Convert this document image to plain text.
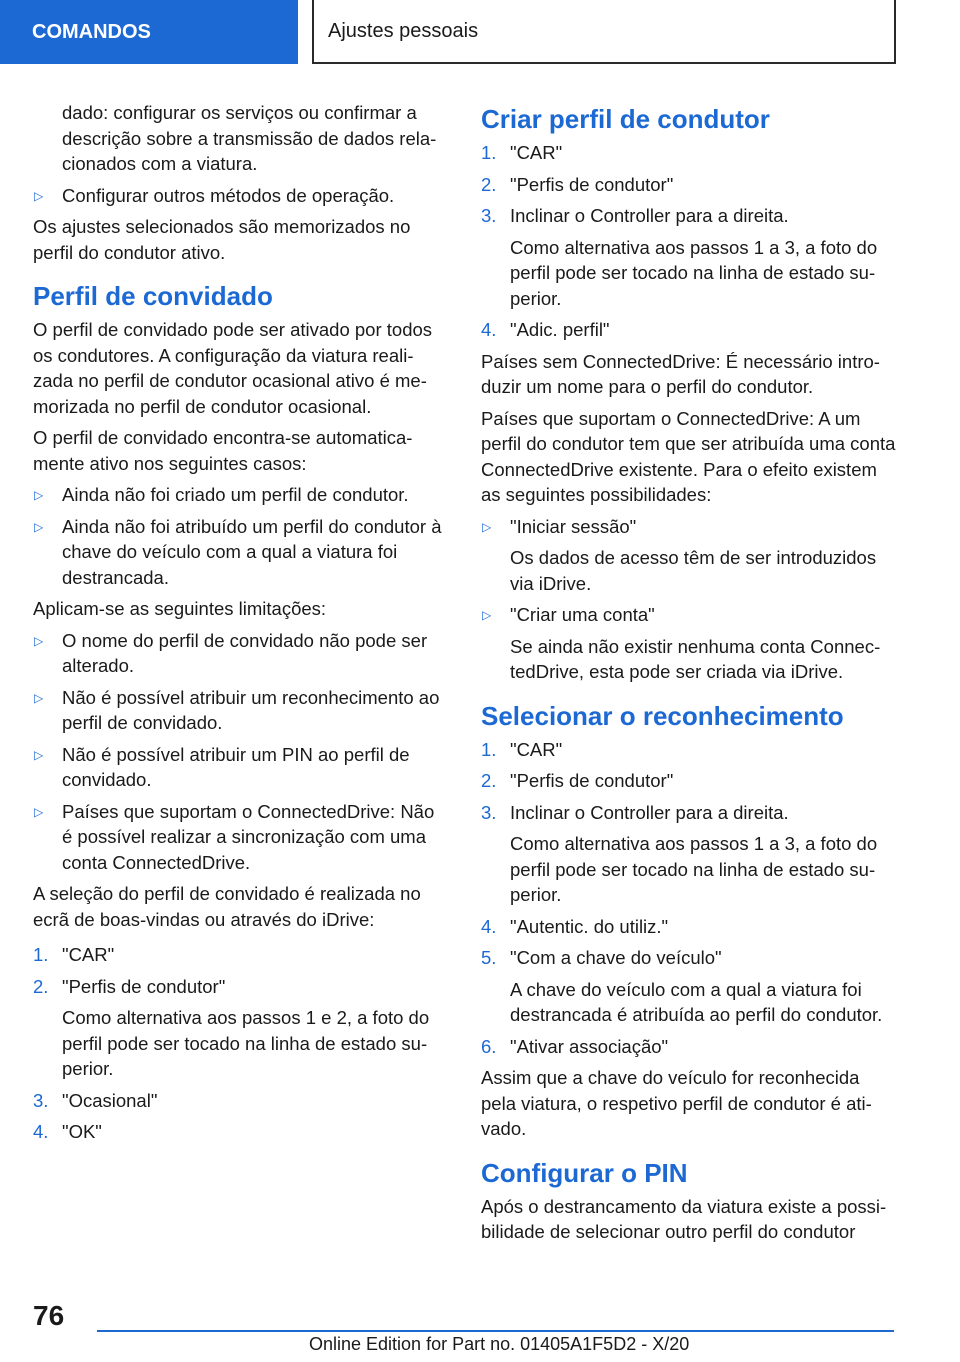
COMANDOS	Ajustes pessoais
dado: configurar os serviços ou confirmar a descrição sobre a transmissão de dados rela‐cionados com a viatura.
▷ Configurar outros métodos de operação.

Os ajustes selecionados são memorizados no perfil do condutor ativo.

Perfil de convidado

O perfil de convidado pode ser ativado por todos os condutores. A configuração da viatura reali‐zada no perfil de condutor ocasional ativo é me‐morizada no perfil de condutor ocasional.

O perfil de convidado encontra-se automatica‐mente ativo nos seguintes casos:

▷ Ainda não foi criado um perfil de condutor.
▷ Ainda não foi atribuído um perfil do condutor à chave do veículo com a qual a viatura foi destrancada.

Aplicam-se as seguintes limitações:

▷ O nome do perfil de convidado não pode ser alterado.
▷ Não é possível atribuir um reconhecimento ao perfil de convidado.
▷ Não é possível atribuir um PIN ao perfil de convidado.
▷ Países que suportam o ConnectedDrive: Não é possível realizar a sincronização com uma conta ConnectedDrive.

A seleção do perfil de convidado é realizada no ecrã de boas-vindas ou através do iDrive:

1. "CAR"
2. "Perfis de condutor"
Como alternativa aos passos 1 e 2, a foto do perfil pode ser tocado na linha de estado su‐perior.
3. "Ocasional"
4. "OK"
Criar perfil de condutor
1. "CAR"
2. "Perfis de condutor"
3. Inclinar o Controller para a direita.
Como alternativa aos passos 1 a 3, a foto do perfil pode ser tocado na linha de estado su‐perior.
4. "Adic. perfil"

Países sem ConnectedDrive: É necessário intro‐duzir um nome para o perfil do condutor.

Países que suportam o ConnectedDrive: A um perfil do condutor tem que ser atribuída uma conta ConnectedDrive existente. Para o efeito existem as seguintes possibilidades:

▷ "Iniciar sessão"
Os dados de acesso têm de ser introduzidos via iDrive.
▷ "Criar uma conta"
Se ainda não existir nenhuma conta Connec‐tedDrive, esta pode ser criada via iDrive.
Selecionar o reconhecimento
1. "CAR"
2. "Perfis de condutor"
3. Inclinar o Controller para a direita.
Como alternativa aos passos 1 a 3, a foto do perfil pode ser tocado na linha de estado su‐perior.
4. "Autentic. do utiliz."
5. "Com a chave do veículo"
A chave do veículo com a qual a viatura foi destrancada é atribuída ao perfil do condutor.
6. "Ativar associação"

Assim que a chave do veículo for reconhecida pela viatura, o respetivo perfil de condutor é ati‐vado.

Configurar o PIN

Após o destrancamento da viatura existe a possi‐bilidade de selecionar outro perfil do condutor

76
Online Edition for Part no. 01405A1F5D2 - X/20
